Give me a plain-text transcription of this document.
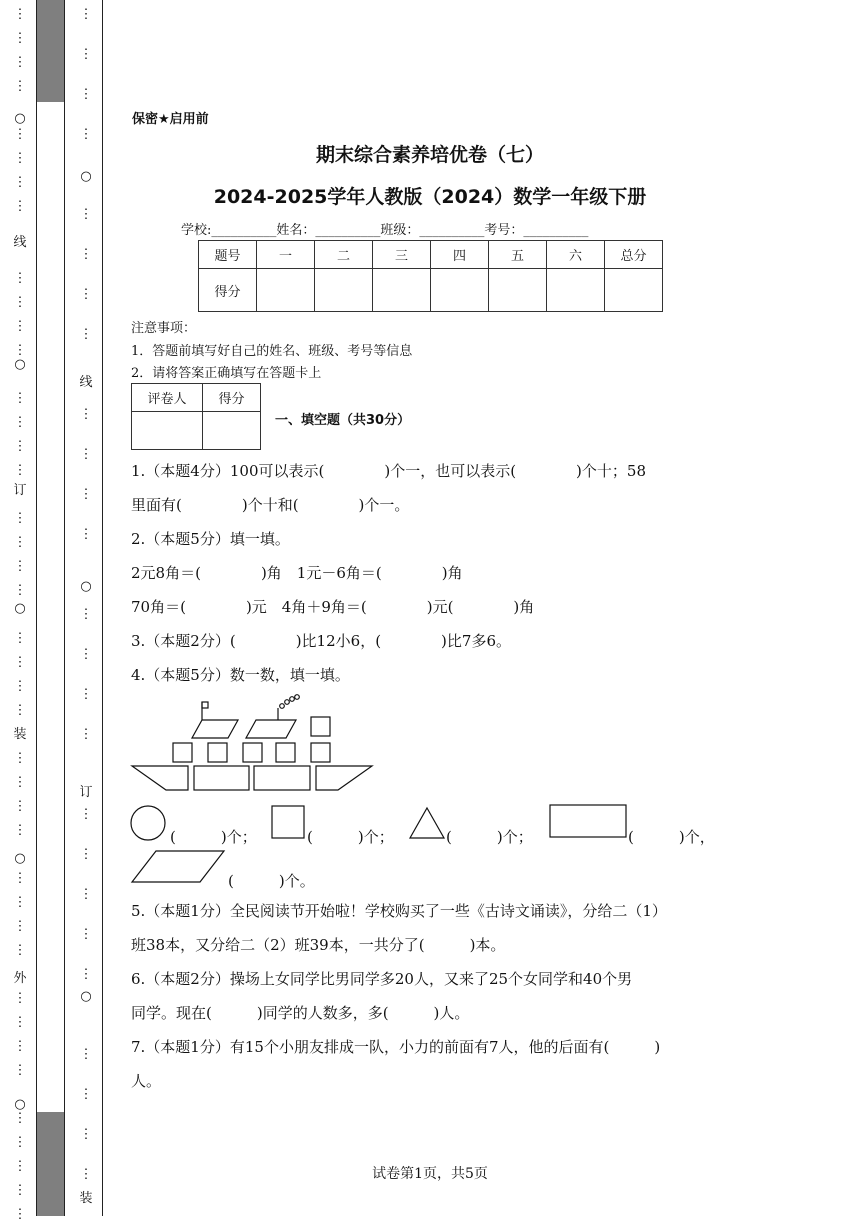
⋮
⋮
⋮
⋮
⋮
⋮
⋮
⋮
⋮
⋮
⋮
⋮
⋮
⋮
⋮
⋮
⋮
⋮
⋮
⋮
⋮
⋮
⋮
⋮
⋮
⋮
⋮
⋮
⋮
⋮
⋮
⋮
⋮
⋮
⋮
⋮
⋮
⋮
⋮
⋮
⋮
○
○
○
○
○
线
订
装
外
⋮
⋮
⋮
⋮
⋮
⋮
⋮
⋮
⋮
⋮
⋮
⋮
⋮
⋮
⋮
⋮
⋮
⋮
⋮
⋮
⋮
⋮
⋮
⋮
⋮
○
○
○
线
订
装
保密★启用前
期末综合素养培优卷（七）
2024-2025学年人教版（2024）数学一年级下册
学校:__________姓名：__________班级：__________考号：__________
题号	一	二	三	四	五	六	总分
得分							
注意事项：
1．答题前填写好自己的姓名、班级、考号等信息
2．请将答案正确填写在答题卡上
评卷人	得分

一、填空题（共30分）
1.（本题4分）100可以表示(　　　　)个一，也可以表示(　　　　)个十；58
里面有(　　　　)个十和(　　　　)个一。
2.（本题5分）填一填。
2元8角＝(　　　　)角　1元－6角＝(　　　　)角
70角＝(　　　　)元　4角＋9角＝(　　　　)元(　　　　)角
3.（本题2分）(　　　　)比12小6，(　　　　)比7多6。
4.（本题5分）数一数，填一填。
(　　　)个；	(　　　)个；	(　　　)个；	(　　　)个，
(　　　)个。
5.（本题1分）全民阅读节开始啦！学校购买了一些《古诗文诵读》，分给二（1）
班38本，又分给二（2）班39本，一共分了(　　　)本。
6.（本题2分）操场上女同学比男同学多20人，又来了25个女同学和40个男
同学。现在(　　　)同学的人数多，多(　　　)人。
7.（本题1分）有15个小朋友排成一队，小力的前面有7人，他的后面有(　　　)
人。
试卷第1页，共5页
